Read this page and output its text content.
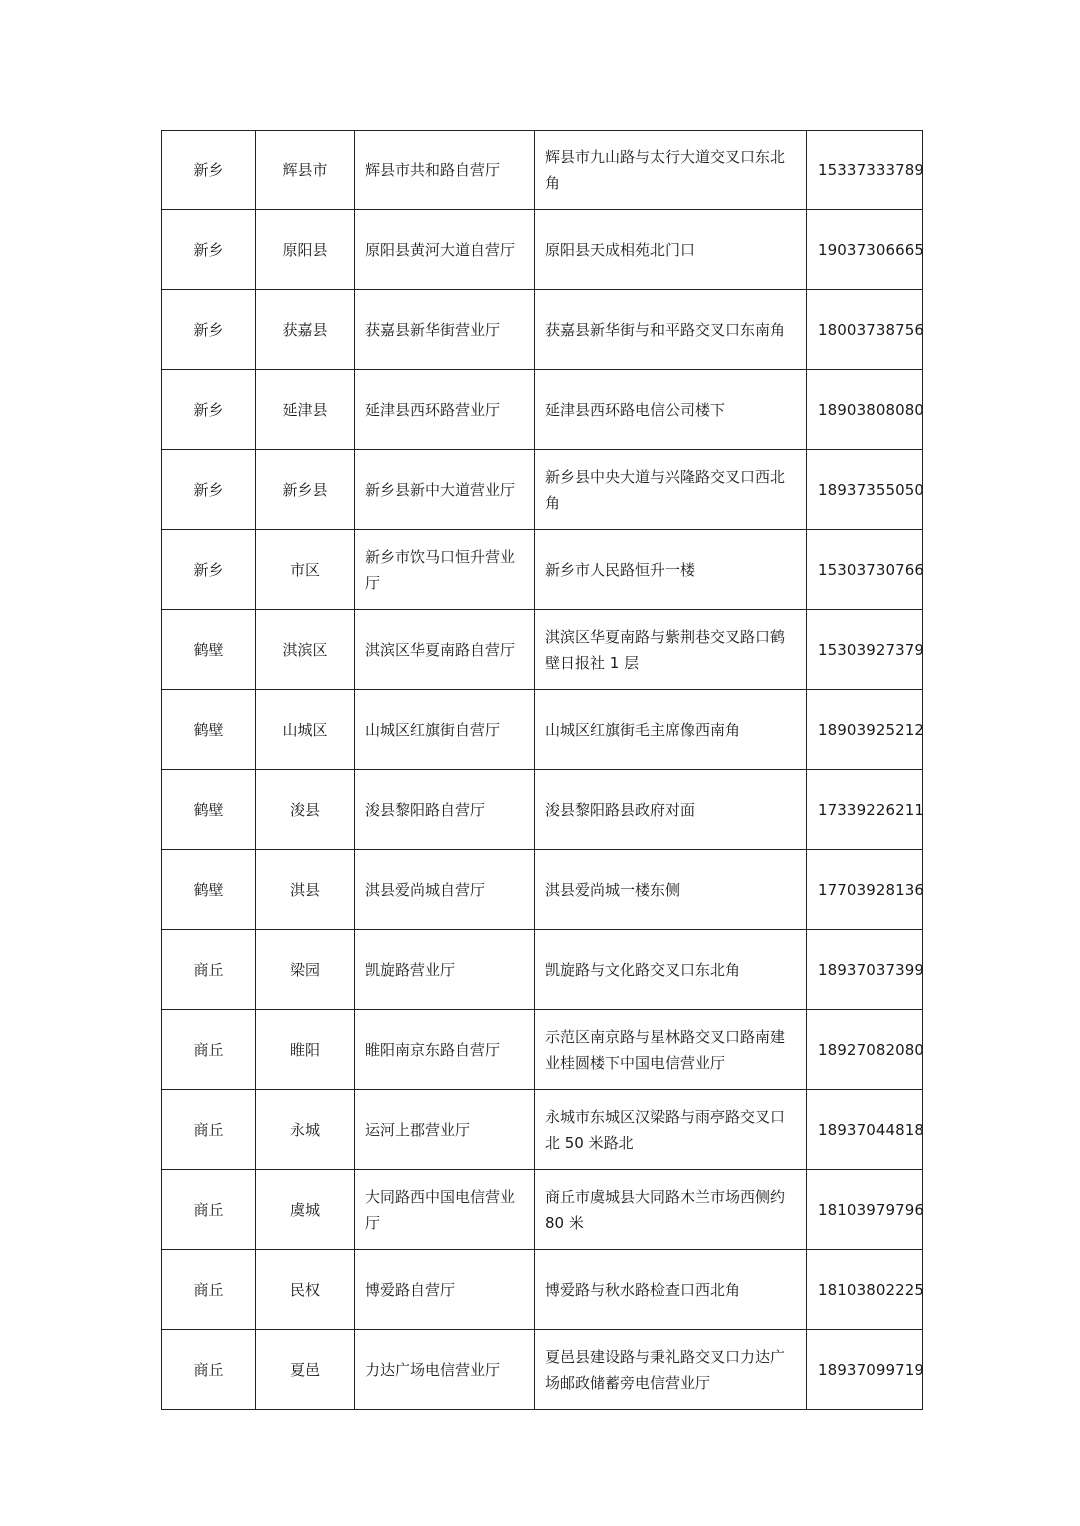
新乡	辉县市	辉县市共和路自营厅	辉县市九山路与太行大道交叉口东北角	15337333789
新乡	原阳县	原阳县黄河大道自营厅	原阳县天成相苑北门口	19037306665
新乡	获嘉县	获嘉县新华街营业厅	获嘉县新华街与和平路交叉口东南角	18003738756
新乡	延津县	延津县西环路营业厅	延津县西环路电信公司楼下	18903808080
新乡	新乡县	新乡县新中大道营业厅	新乡县中央大道与兴隆路交叉口西北角	18937355050
新乡	市区	新乡市饮马口恒升营业厅	新乡市人民路恒升一楼	15303730766
鹤壁	淇滨区	淇滨区华夏南路自营厅	淇滨区华夏南路与紫荆巷交叉路口鹤壁日报社 1 层	15303927379
鹤壁	山城区	山城区红旗街自营厅	山城区红旗街毛主席像西南角	18903925212
鹤壁	浚县	浚县黎阳路自营厅	浚县黎阳路县政府对面	17339226211
鹤壁	淇县	淇县爱尚城自营厅	淇县爱尚城一楼东侧	17703928136
商丘	梁园	凯旋路营业厅	凯旋路与文化路交叉口东北角	18937037399
商丘	睢阳	睢阳南京东路自营厅	示范区南京路与星林路交叉口路南建业桂圆楼下中国电信营业厅	18927082080
商丘	永城	运河上郡营业厅	永城市东城区汉梁路与雨亭路交叉口北 50 米路北	18937044818
商丘	虞城	大同路西中国电信营业厅	商丘市虞城县大同路木兰市场西侧约 80 米	18103979796
商丘	民权	博爱路自营厅	博爱路与秋水路检查口西北角	18103802225
商丘	夏邑	力达广场电信营业厅	夏邑县建设路与秉礼路交叉口力达广场邮政储蓄旁电信营业厅	18937099719
